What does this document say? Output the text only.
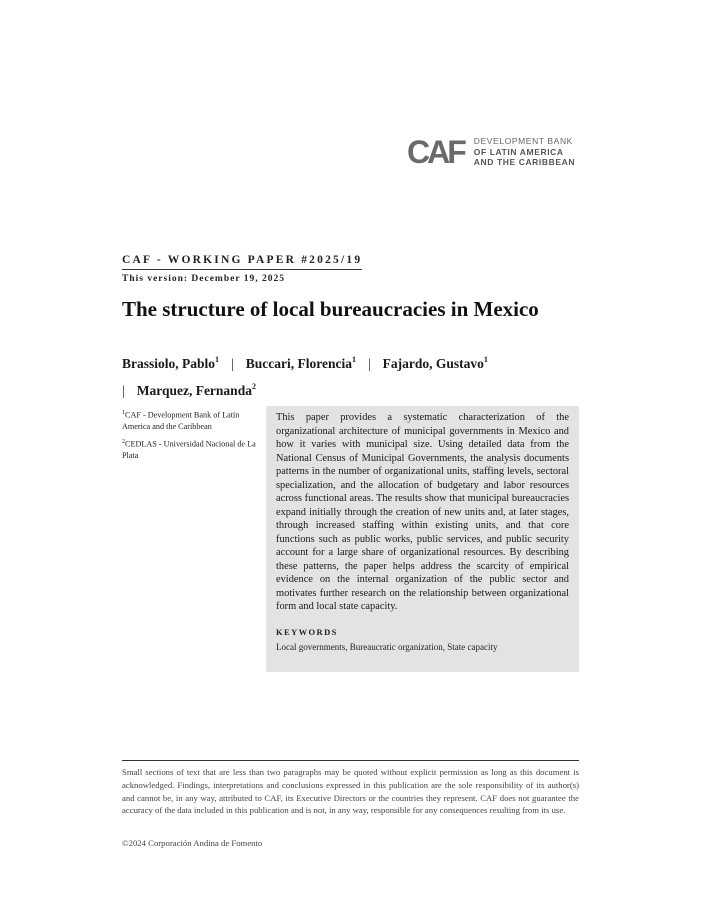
CAF DEVELOPMENT BANK
OF LATIN AMERICA
AND THE CARIBBEAN
CAF - WORKING PAPER #2025/19
This version: December 19, 2025
The structure of local bureaucracies in Mexico
Brassiolo, Pablo$^1$ | Buccari, Florencia$^1$ | Fajardo, Gustavo$^1$
| Marquez, Fernanda$^2$

$^1$CAF - Development Bank of Latin America and the Caribbean

$^2$CEDLAS - Universidad Nacional de La Plata

This paper provides a systematic characterization of the organizational architecture of municipal governments in Mexico and how it varies with municipal size. Using detailed data from the National Census of Municipal Governments, the analysis documents patterns in the number of organizational units, staffing levels, sectoral specialization, and the allocation of budgetary and labor resources across functional areas. The results show that municipal bureaucracies expand initially through the creation of new units and, at later stages, through increased staffing within existing units, and that core functions such as public works, public services, and public security account for a large share of organizational resources. By describing these patterns, the paper helps address the scarcity of empirical evidence on the internal organization of the public sector and motivates further research on the relationship between organizational form and local state capacity.

KEYWORDS
Local governments, Bureaucratic organization, State capacity

Small sections of text that are less than two paragraphs may be quoted without explicit permission as long as this document is acknowledged. Findings, interpretations and conclusions expressed in this publication are the sole responsibility of its author(s) and cannot be, in any way, attributed to CAF, its Executive Directors or the countries they represent. CAF does not guarantee the accuracy of the data included in this publication and is not, in any way, responsible for any consequences resulting from its use.

©2024 Corporación Andina de Fomento
